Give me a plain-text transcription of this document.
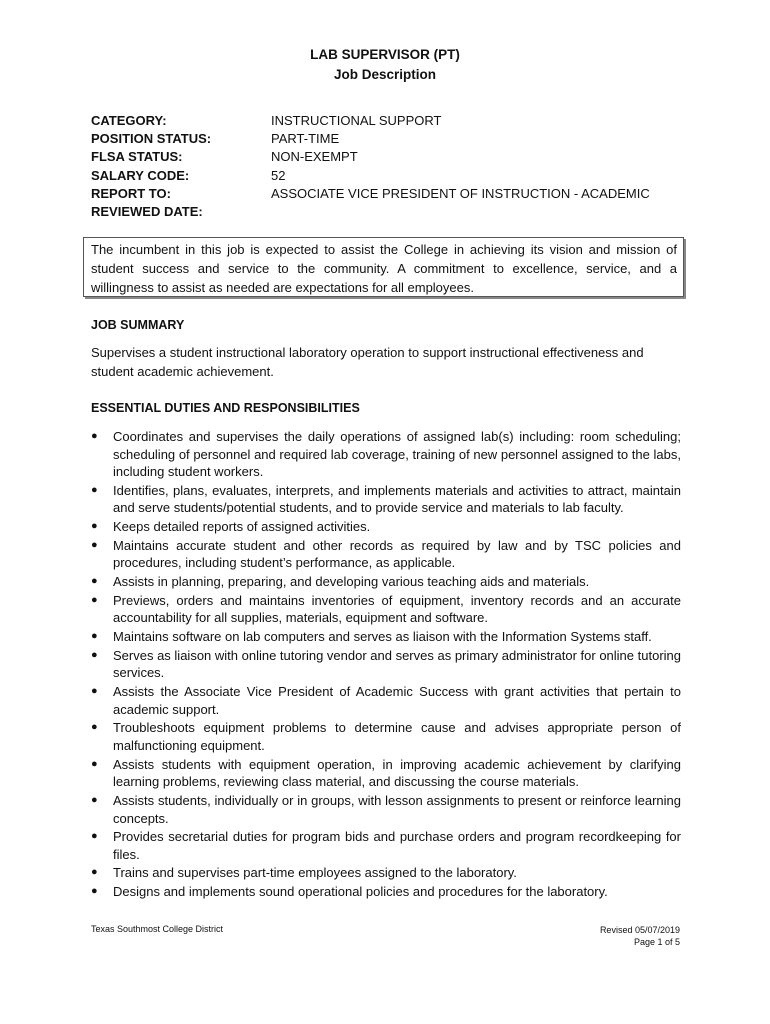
LAB SUPERVISOR (PT)
Job Description
CATEGORY:	INSTRUCTIONAL SUPPORT
POSITION STATUS:	PART-TIME
FLSA STATUS:	NON-EXEMPT
SALARY CODE:	52
REPORT TO:	ASSOCIATE VICE PRESIDENT OF INSTRUCTION - ACADEMIC
REVIEWED DATE:
The incumbent in this job is expected to assist the College in achieving its vision and mission of student success and service to the community. A commitment to excellence, service, and a willingness to assist as needed are expectations for all employees.
JOB SUMMARY
Supervises a student instructional laboratory operation to support instructional effectiveness and student academic achievement.
ESSENTIAL DUTIES AND RESPONSIBILITIES
● Coordinates and supervises the daily operations of assigned lab(s) including: room scheduling; scheduling of personnel and required lab coverage, training of new personnel assigned to the labs, including student workers.
● Identifies, plans, evaluates, interprets, and implements materials and activities to attract, maintain and serve students/potential students, and to provide service and materials to lab faculty.
● Keeps detailed reports of assigned activities.
● Maintains accurate student and other records as required by law and by TSC policies and procedures, including student’s performance, as applicable.
● Assists in planning, preparing, and developing various teaching aids and materials.
● Previews, orders and maintains inventories of equipment, inventory records and an accurate accountability for all supplies, materials, equipment and software.
● Maintains software on lab computers and serves as liaison with the Information Systems staff.
● Serves as liaison with online tutoring vendor and serves as primary administrator for online tutoring services.
● Assists the Associate Vice President of Academic Success with grant activities that pertain to academic support.
● Troubleshoots equipment problems to determine cause and advises appropriate person of malfunctioning equipment.
● Assists students with equipment operation, in improving academic achievement by clarifying learning problems, reviewing class material, and discussing the course materials.
● Assists students, individually or in groups, with lesson assignments to present or reinforce learning concepts.
● Provides secretarial duties for program bids and purchase orders and program recordkeeping for files.
● Trains and supervises part-time employees assigned to the laboratory.
● Designs and implements sound operational policies and procedures for the laboratory.
Texas Southmost College District	Revised 05/07/2019
Page 1 of 5
